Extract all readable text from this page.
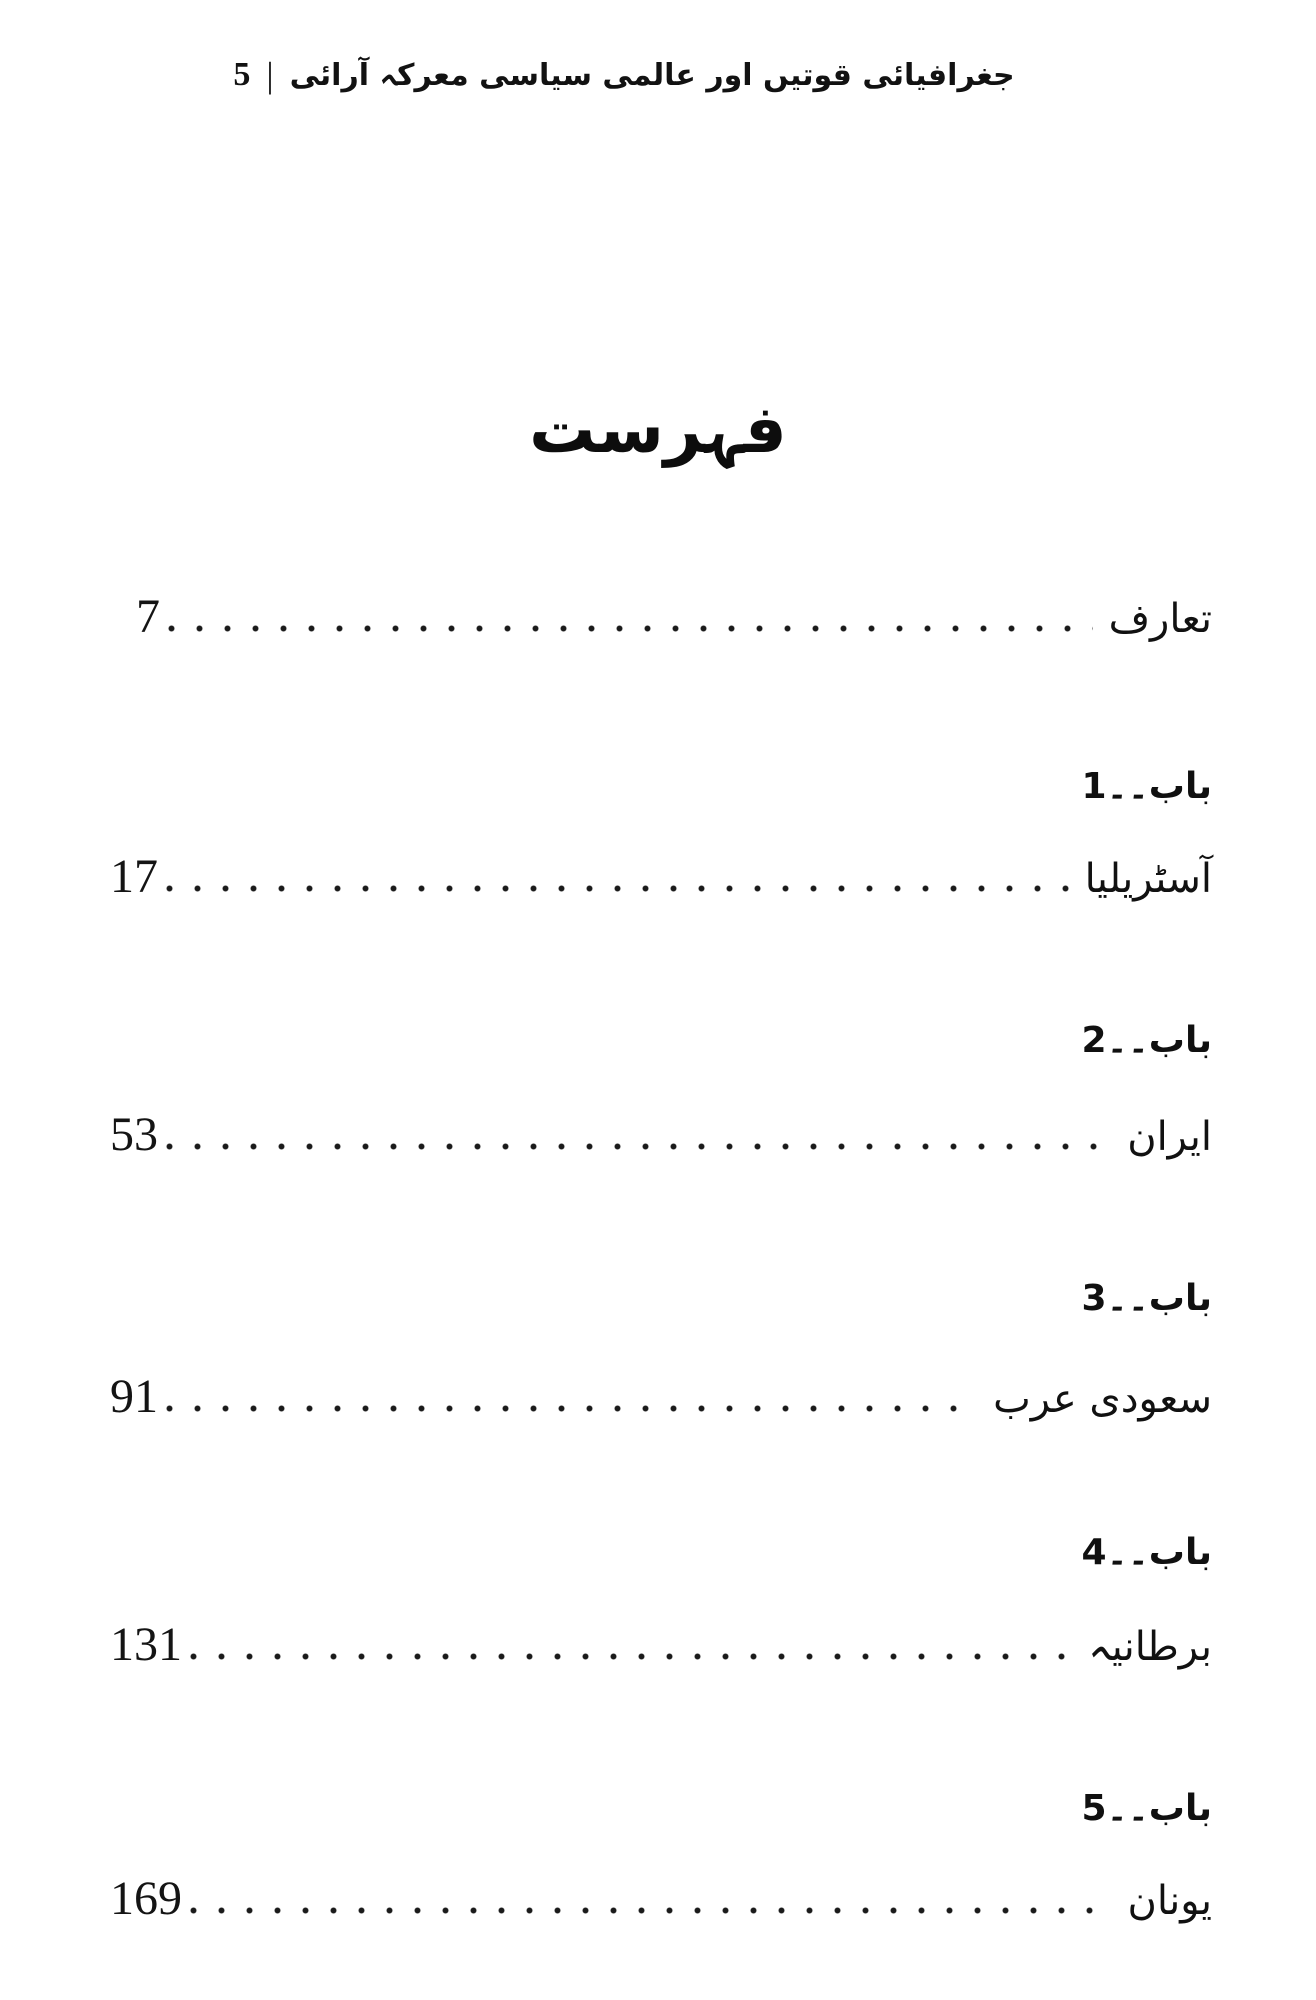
جغرافیائی قوتیں اور عالمی سیاسی معرکہ آرائی
|
5
فہرست
7	تعارف
باب۔۔1
17	آسٹریلیا
باب۔۔2
53	ایران
باب۔۔3
91	سعودی عرب
باب۔۔4
131	برطانیہ
باب۔۔5
169	یونان
